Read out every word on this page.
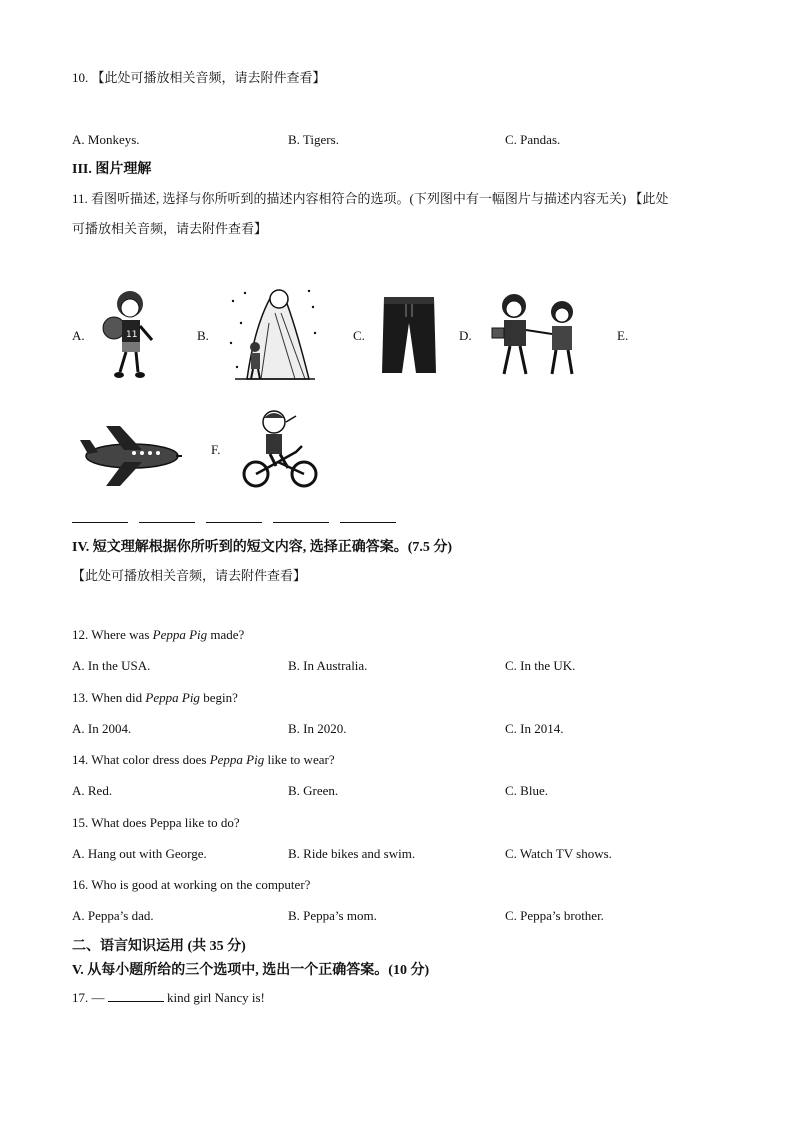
10. 【此处可播放相关音频，请去附件查看】
A. Monkeys.	B. Tigers.	C. Pandas.
III. 图片理解
11. 看图听描述, 选择与你所听到的描述内容相符合的选项。(下列图中有一幅图片与描述内容无关) 【此处
可播放相关音频，请去附件查看】
A.	B.	C.	D.	E.
F.
11
IV. 短文理解根据你所听到的短文内容, 选择正确答案。(7.5 分)
【此处可播放相关音频，请去附件查看】
12. Where was Peppa Pig made?
A. In the USA.	B. In Australia.	C. In the UK.
13. When did Peppa Pig begin?
A. In 2004.	B. In 2020.	C. In 2014.
14. What color dress does Peppa Pig like to wear?
A. Red.	B. Green.	C. Blue.
15. What does Peppa like to do?
A. Hang out with George.	B. Ride bikes and swim.	C. Watch TV shows.
16. Who is good at working on the computer?
A. Peppa’s dad.	B. Peppa’s mom.	C. Peppa’s brother.
二、语言知识运用 (共 35 分)
V. 从每小题所给的三个选项中, 选出一个正确答案。(10 分)
17. —	kind girl Nancy is!
